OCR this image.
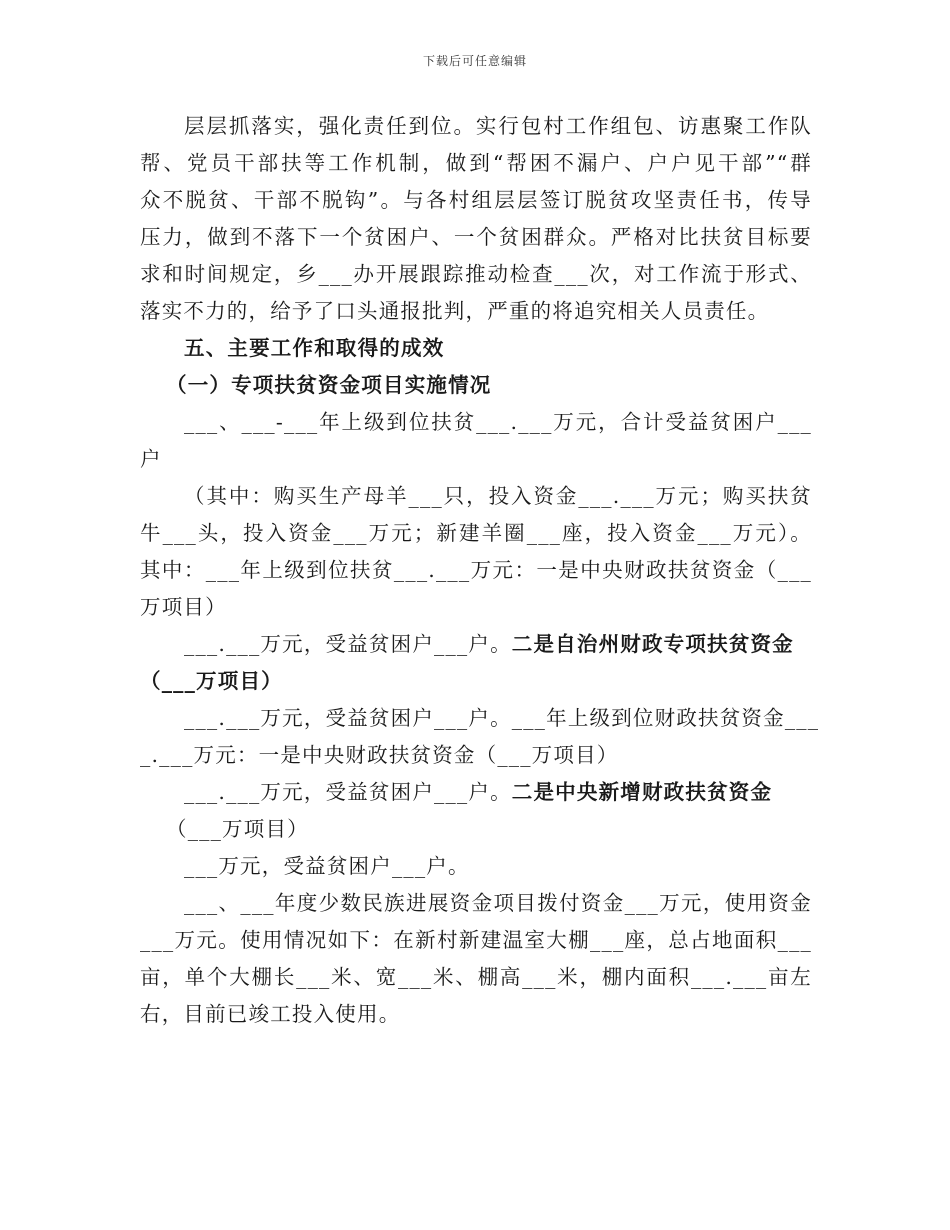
下载后可任意编辑
层层抓落实，强化责任到位。实行包村工作组包、访惠聚工作队
帮、党员干部扶等工作机制，做到“帮困不漏户、户户见干部”“群
众不脱贫、干部不脱钩”。与各村组层层签订脱贫攻坚责任书，传导
压力，做到不落下一个贫困户、一个贫困群众。严格对比扶贫目标要
求和时间规定，乡___办开展跟踪推动检查___次，对工作流于形式、
落实不力的，给予了口头通报批判，严重的将追究相关人员责任。
五、主要工作和取得的成效
（一）专项扶贫资金项目实施情况
___、___-___年上级到位扶贫___.___万元，合计受益贫困户___
户
（其中：购买生产母羊___只，投入资金___.___万元；购买扶贫
牛___头，投入资金___万元；新建羊圈___座，投入资金___万元）。
其中：___年上级到位扶贫___.___万元：一是中央财政扶贫资金（___
万项目）
___.___万元，受益贫困户___户。二是自治州财政专项扶贫资金
（___万项目）
___.___万元，受益贫困户___户。___年上级到位财政扶贫资金___
_.___万元：一是中央财政扶贫资金（___万项目）
___.___万元，受益贫困户___户。二是中央新增财政扶贫资金
（___万项目）
___万元，受益贫困户___户。
___、___年度少数民族进展资金项目拨付资金___万元，使用资金
___万元。使用情况如下：在新村新建温室大棚___座，总占地面积___
亩，单个大棚长___米、宽___米、棚高___米，棚内面积___.___亩左
右，目前已竣工投入使用。
